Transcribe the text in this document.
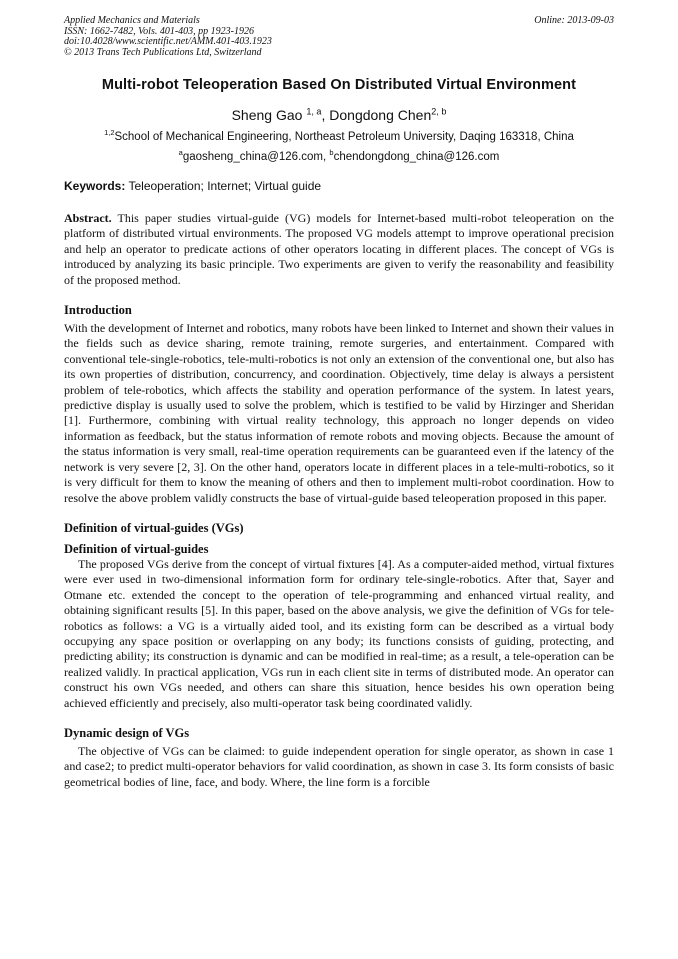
Applied Mechanics and Materials
ISSN: 1662-7482, Vols. 401-403, pp 1923-1926
doi:10.4028/www.scientific.net/AMM.401-403.1923
© 2013 Trans Tech Publications Ltd, Switzerland
Online: 2013-09-03
Multi-robot Teleoperation Based On Distributed Virtual Environment
Sheng Gao $^{1, a}$, Dongdong Chen$^{2, b}$
$^{1,2}$School of Mechanical Engineering, Northeast Petroleum University, Daqing 163318, China
$^a$gaosheng_china@126.com, $^b$chendongdong_china@126.com
Keywords: Teleoperation; Internet; Virtual guide

Abstract. This paper studies virtual-guide (VG) models for Internet-based multi-robot teleoperation on the platform of distributed virtual environments. The proposed VG models attempt to improve operational precision and help an operator to predicate actions of other operators locating in different places. The concept of VGs is introduced by analyzing its basic principle. Two experiments are given to verify the reasonability and feasibility of the proposed method.

Introduction

With the development of Internet and robotics, many robots have been linked to Internet and shown their values in the fields such as device sharing, remote training, remote surgeries, and entertainment. Compared with conventional tele-single-robotics, tele-multi-robotics is not only an extension of the conventional one, but also has its own properties of distribution, concurrency, and coordination. Objectively, time delay is always a persistent problem of tele-robotics, which affects the stability and operation performance of the system. In latest years, predictive display is usually used to solve the problem, which is testified to be valid by Hirzinger and Sheridan [1]. Furthermore, combining with virtual reality technology, this approach no longer depends on video information as feedback, but the status information of remote robots and moving objects. Because the amount of the status information is very small, real-time operation requirements can be guaranteed even if the latency of the network is very severe [2, 3]. On the other hand, operators locate in different places in a tele-multi-robotics, so it is very difficult for them to know the meaning of others and then to implement multi-robot coordination. How to resolve the above problem validly constructs the base of virtual-guide based teleoperation proposed in this paper.

Definition of virtual-guides (VGs)
Definition of virtual-guides

The proposed VGs derive from the concept of virtual fixtures [4]. As a computer-aided method, virtual fixtures were ever used in two-dimensional information form for ordinary tele-single-robotics. After that, Sayer and Otmane etc. extended the concept to the operation of tele-programming and enhanced virtual reality, and obtaining significant results [5]. In this paper, based on the above analysis, we give the definition of VGs for tele-robotics as follows: a VG is a virtually aided tool, and its existing form can be described as a virtual body occupying any space position or overlapping on any body; its functions consists of guiding, protecting, and predicting ability; its construction is dynamic and can be modified in real-time; as a result, a tele-operation can be realized validly. In practical application, VGs run in each client site in terms of distributed mode. An operator can construct his own VGs needed, and others can share this situation, hence besides his own operation being achieved efficiently and precisely, also multi-operator task being coordinated validly.

Dynamic design of VGs

The objective of VGs can be claimed: to guide independent operation for single operator, as shown in case 1 and case2; to predict multi-operator behaviors for valid coordination, as shown in case 3. Its form consists of basic geometrical bodies of line, face, and body. Where, the line form is a forcible
